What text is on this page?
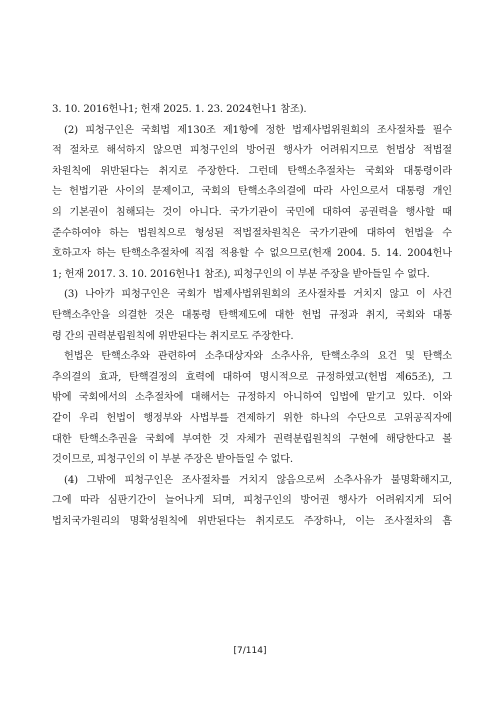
3. 10. 2016헌나1; 헌재 2025. 1. 23. 2024헌나1 참조).
(2) 피청구인은 국회법 제130조 제1항에 정한 법제사법위원회의 조사절차를 필수
적 절차로 해석하지 않으면 피청구인의 방어권 행사가 어려워지므로 헌법상 적법절
차원칙에 위반된다는 취지로 주장한다. 그런데 탄핵소추절차는 국회와 대통령이라
는 헌법기관 사이의 문제이고, 국회의 탄핵소추의결에 따라 사인으로서 대통령 개인
의 기본권이 침해되는 것이 아니다. 국가기관이 국민에 대하여 공권력을 행사할 때
준수하여야 하는 법원칙으로 형성된 적법절차원칙은 국가기관에 대하여 헌법을 수
호하고자 하는 탄핵소추절차에 직접 적용할 수 없으므로(헌재 2004. 5. 14. 2004헌나
1; 헌재 2017. 3. 10. 2016헌나1 참조), 피청구인의 이 부분 주장을 받아들일 수 없다.
(3) 나아가 피청구인은 국회가 법제사법위원회의 조사절차를 거치지 않고 이 사건
탄핵소추안을 의결한 것은 대통령 탄핵제도에 대한 헌법 규정과 취지, 국회와 대통
령 간의 권력분립원칙에 위반된다는 취지로도 주장한다.
헌법은 탄핵소추와 관련하여 소추대상자와 소추사유, 탄핵소추의 요건 및 탄핵소
추의결의 효과, 탄핵결정의 효력에 대하여 명시적으로 규정하였고(헌법 제65조), 그
밖에 국회에서의 소추절차에 대해서는 규정하지 아니하여 입법에 맡기고 있다. 이와
같이 우리 헌법이 행정부와 사법부를 견제하기 위한 하나의 수단으로 고위공직자에
대한 탄핵소추권을 국회에 부여한 것 자체가 권력분립원칙의 구현에 해당한다고 볼
것이므로, 피청구인의 이 부분 주장은 받아들일 수 없다.
(4) 그밖에 피청구인은 조사절차를 거치지 않음으로써 소추사유가 불명확해지고,
그에 따라 심판기간이 늘어나게 되며, 피청구인의 방어권 행사가 어려워지게 되어
법치국가원리의 명확성원칙에 위반된다는 취지로도 주장하나, 이는 조사절차의 흠
[7/114]
